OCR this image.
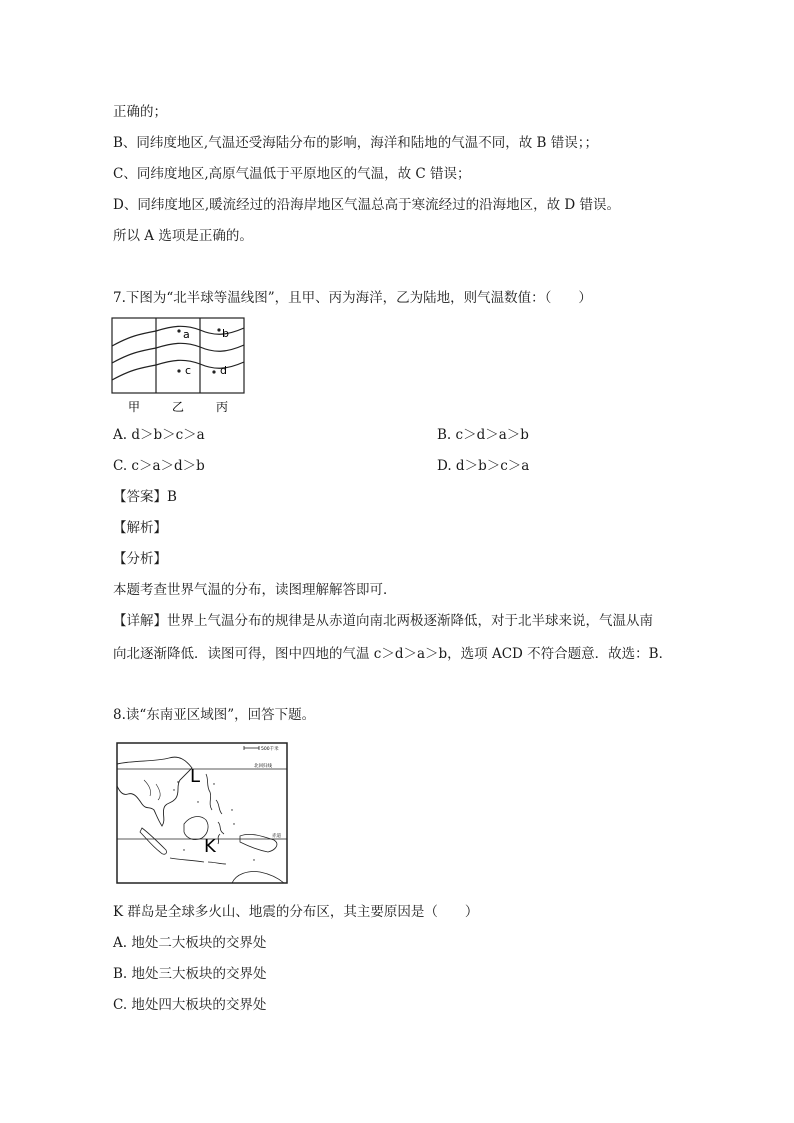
正确的；
B、同纬度地区,气温还受海陆分布的影响，海洋和陆地的气温不同，故 B 错误；；
C、同纬度地区,高原气温低于平原地区的气温，故 C 错误；
D、同纬度地区,暖流经过的沿海岸地区气温总高于寒流经过的沿海地区，故 D 错误。
所以 A 选项是正确的。
7.下图为“北半球等温线图”，且甲、丙为海洋，乙为陆地，则气温数值：（　　）
a	b
c	d
甲	乙	丙
A. d＞b＞c＞a	B. c＞d＞a＞b
C. c＞a＞d＞b	D. d＞b＞c＞a
【答案】B
【解析】
【分析】
本题考查世界气温的分布，读图理解解答即可．
【详解】世界上气温分布的规律是从赤道向南北两极逐渐降低，对于北半球来说，气温从南
向北逐渐降低．读图可得，图中四地的气温 c＞d＞a＞b，选项 ACD 不符合题意．故选：B．
8.读“东南亚区域图”，回答下题。
北回归线
赤道
500千米
L
K
K 群岛是全球多火山、地震的分布区，其主要原因是（　　）
A. 地处二大板块的交界处
B. 地处三大板块的交界处
C. 地处四大板块的交界处
